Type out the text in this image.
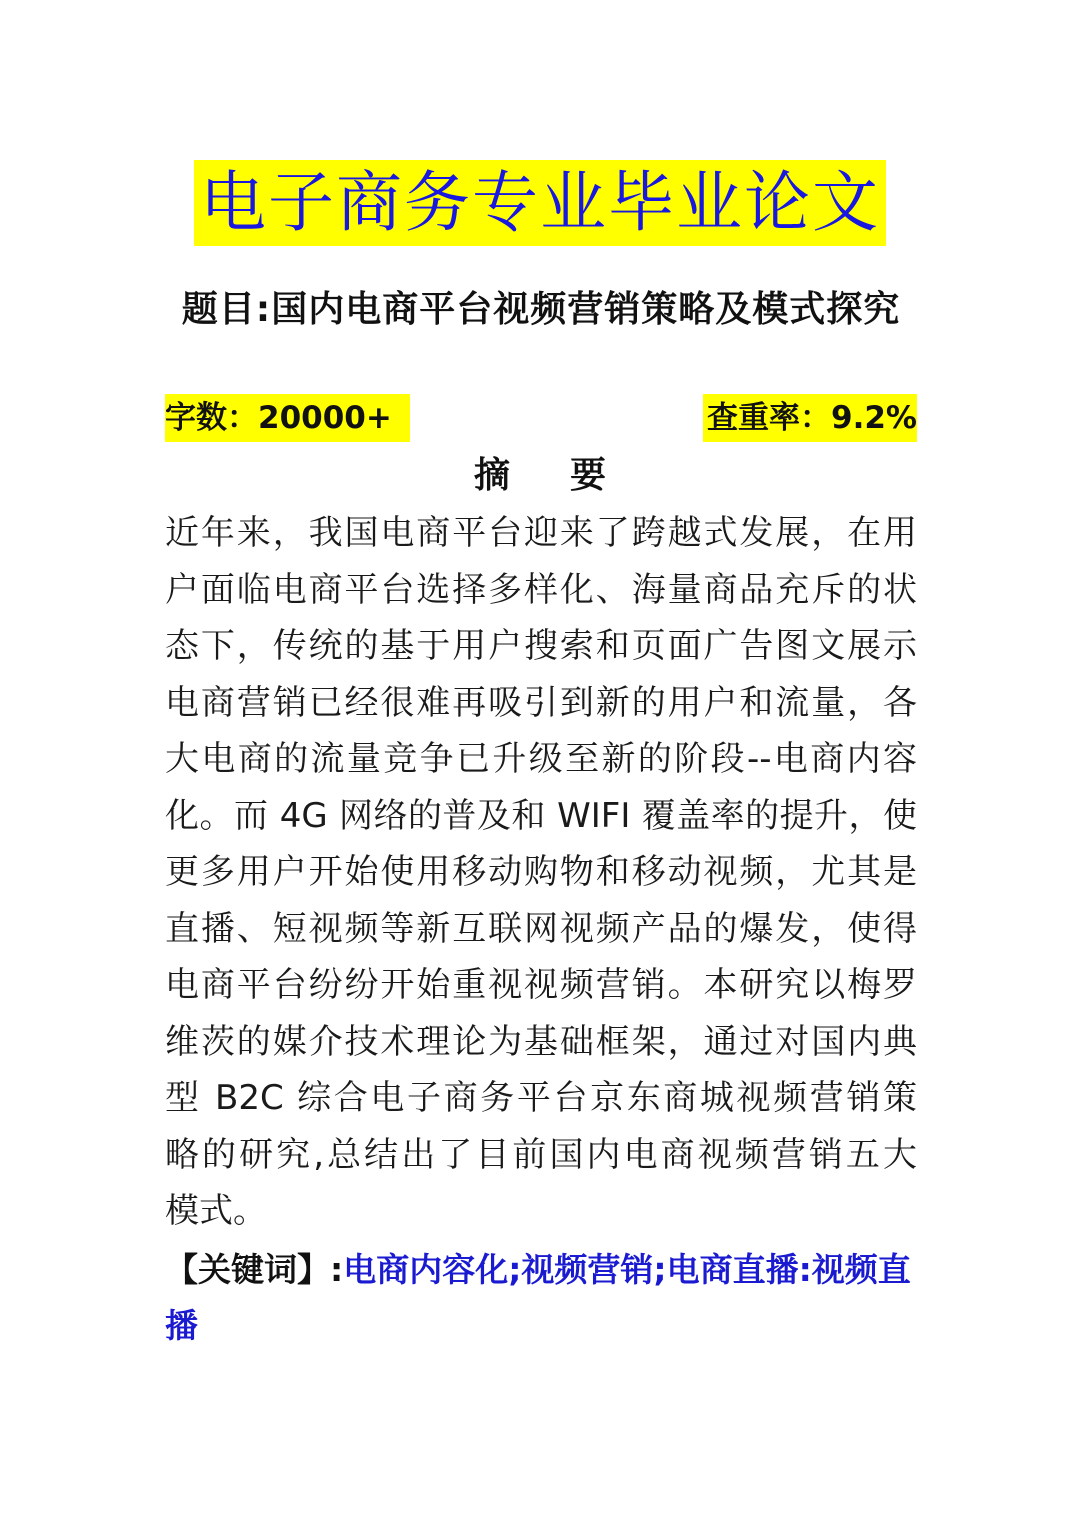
电子商务专业毕业论文
题目:国内电商平台视频营销策略及模式探究
字数：20000+	查重率：9.2%
摘要
近年来，我国电商平台迎来了跨越式发展，在用
户面临电商平台选择多样化、海量商品充斥的状
态下，传统的基于用户搜索和页面广告图文展示
电商营销已经很难再吸引到新的用户和流量，各
大电商的流量竞争已升级至新的阶段--电商内容
化。而 4G 网络的普及和 WIFI 覆盖率的提升，使
更多用户开始使用移动购物和移动视频，尤其是
直播、短视频等新互联网视频产品的爆发，使得
电商平台纷纷开始重视视频营销。本研究以梅罗
维茨的媒介技术理论为基础框架，通过对国内典
型 B2C 综合电子商务平台京东商城视频营销策
略的研究,总结出了目前国内电商视频营销五大
模式。
【关键词】:电商内容化;视频营销;电商直播:视频直播
